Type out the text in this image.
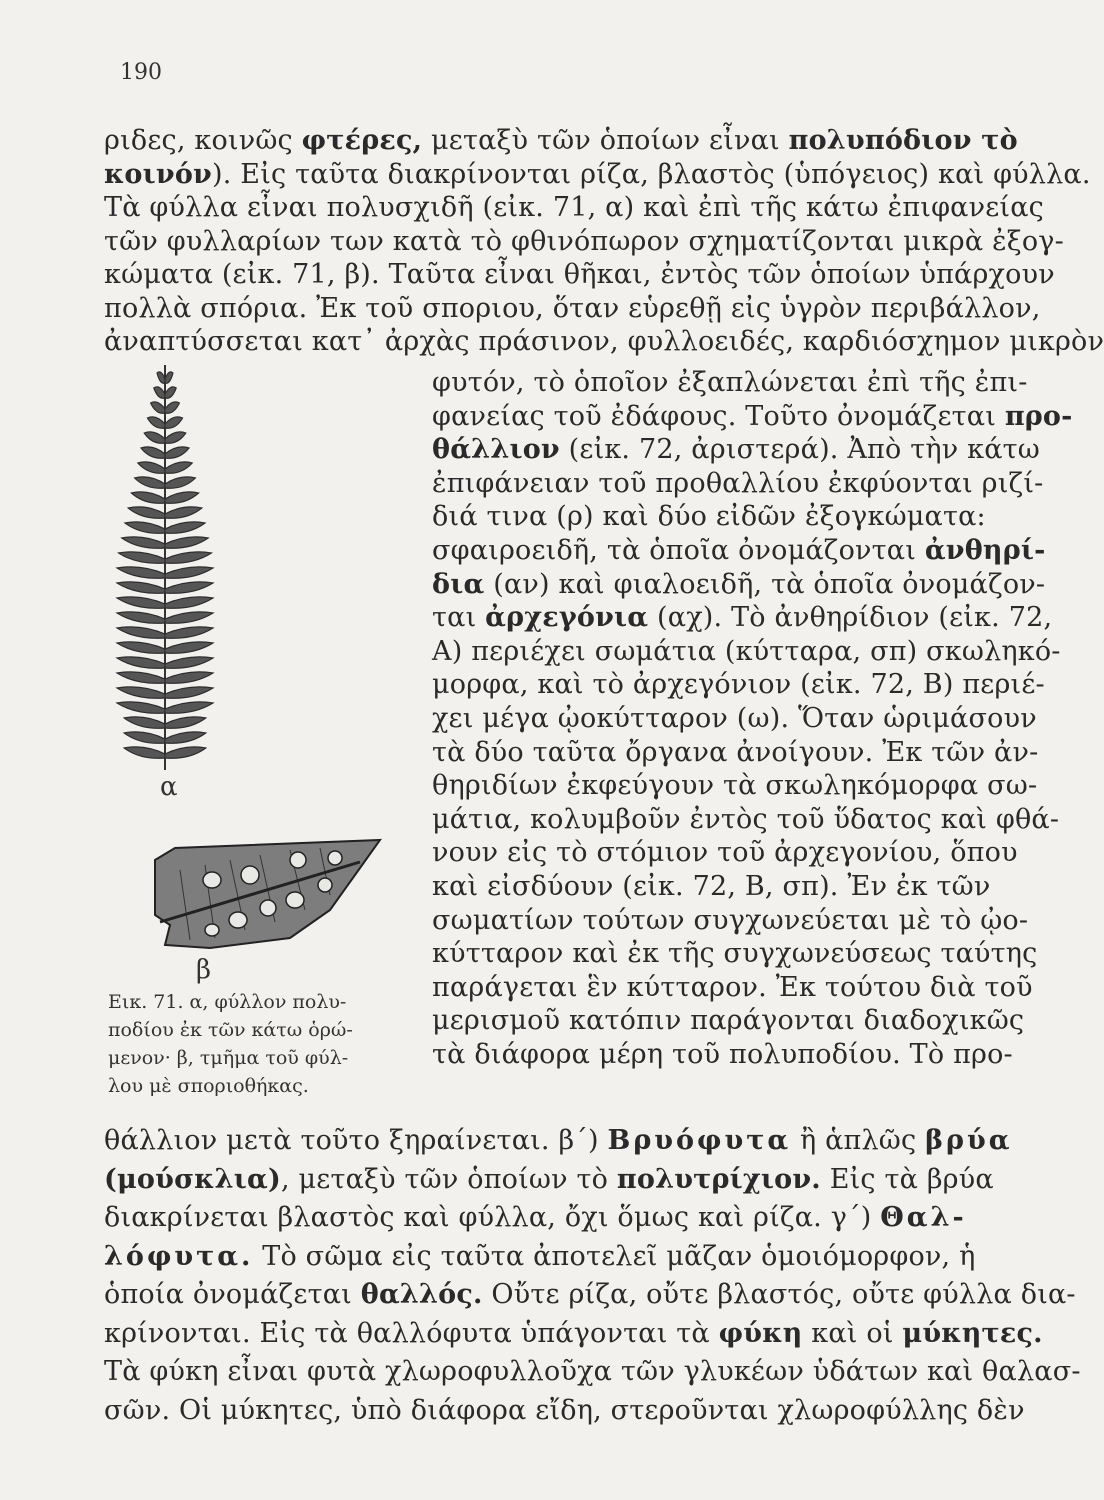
190
ριδες, κοινῶς φτέρες, μεταξὺ τῶν ὁποίων εἶναι πολυπόδιον τὸ
κοινόν). Εἰς ταῦτα διακρίνονται ρίζα, βλαστὸς (ὑπόγειος) καὶ φύλλα.
Τὰ φύλλα εἶναι πολυσχιδῆ (εἰκ. 71, α) καὶ ἐπὶ τῆς κάτω ἐπιφανείας
τῶν φυλλαρίων των κατὰ τὸ φθινόπωρον σχηματίζονται μικρὰ ἐξογ-
κώματα (εἰκ. 71, β). Ταῦτα εἶναι θῆκαι, ἐντὸς τῶν ὁποίων ὑπάρχουν
πολλὰ σπόρια. Ἐκ τοῦ σποριου, ὅταν εὑρεθῇ εἰς ὑγρὸν περιβάλλον,
ἀναπτύσσεται κατ᾽ ἀρχὰς πράσινον, φυλλοειδές, καρδιόσχημον μικρὸν
φυτόν, τὸ ὁποῖον ἐξαπλώνεται ἐπὶ τῆς ἐπι-
φανείας τοῦ ἐδάφους. Τοῦτο ὀνομάζεται προ-
θάλλιον (εἰκ. 72, ἀριστερά). Ἀπὸ τὴν κάτω
ἐπιφάνειαν τοῦ προθαλλίου ἐκφύονται ριζί-
διά τινα (ρ) καὶ δύο εἰδῶν ἐξογκώματα:
σφαιροειδῆ, τὰ ὁποῖα ὀνομάζονται ἀνθηρί-
δια (αν) καὶ φιαλοειδῆ, τὰ ὁποῖα ὀνομάζον-
ται ἀρχεγόνια (αχ). Τὸ ἀνθηρίδιον (εἰκ. 72,
Α) περιέχει σωμάτια (κύτταρα, σπ) σκωληκό-
μορφα, καὶ τὸ ἀρχεγόνιον (εἰκ. 72, Β) περιέ-
χει μέγα ᾠοκύτταρον (ω). Ὅταν ὡριμάσουν
τὰ δύο ταῦτα ὄργανα ἀνοίγουν. Ἐκ τῶν ἀν-
θηριδίων ἐκφεύγουν τὰ σκωληκόμορφα σω-
μάτια, κολυμβοῦν ἐντὸς τοῦ ὕδατος καὶ φθά-
νουν εἰς τὸ στόμιον τοῦ ἀρχεγονίου, ὅπου
καὶ εἰσδύουν (εἰκ. 72, Β, σπ). Ἐν ἐκ τῶν
σωματίων τούτων συγχωνεύεται μὲ τὸ ᾠο-
κύτταρον καὶ ἐκ τῆς συγχωνεύσεως ταύτης
παράγεται ἓν κύτταρον. Ἐκ τούτου διὰ τοῦ
μερισμοῦ κατόπιν παράγονται διαδοχικῶς
τὰ διάφορα μέρη τοῦ πολυποδίου. Τὸ προ-
θάλλιον μετὰ τοῦτο ξηραίνεται. β´) Βρυόφυτα ἢ ἁπλῶς βρύα
(μούσκλια), μεταξὺ τῶν ὁποίων τὸ πολυτρίχιον. Εἰς τὰ βρύα
διακρίνεται βλαστὸς καὶ φύλλα, ὄχι ὅμως καὶ ρίζα. γ´) Θαλ-
λόφυτα. Τὸ σῶμα εἰς ταῦτα ἀποτελεῖ μᾶζαν ὁμοιόμορφον, ἡ
ὁποία ὀνομάζεται θαλλός. Οὔτε ρίζα, οὔτε βλαστός, οὔτε φύλλα δια-
κρίνονται. Εἰς τὰ θαλλόφυτα ὑπάγονται τὰ φύκη καὶ οἱ μύκητες.
Τὰ φύκη εἶναι φυτὰ χλωροφυλλοῦχα τῶν γλυκέων ὑδάτων καὶ θαλασ-
σῶν. Οἱ μύκητες, ὑπὸ διάφορα εἴδη, στεροῦνται χλωροφύλλης δὲν
α
β
Εικ. 71. α, φύλλον πολυ-
ποδίου ἐκ τῶν κάτω ὁρώ-
μενον· β, τμῆμα τοῦ φύλ-
λου μὲ σποριοθήκας.
